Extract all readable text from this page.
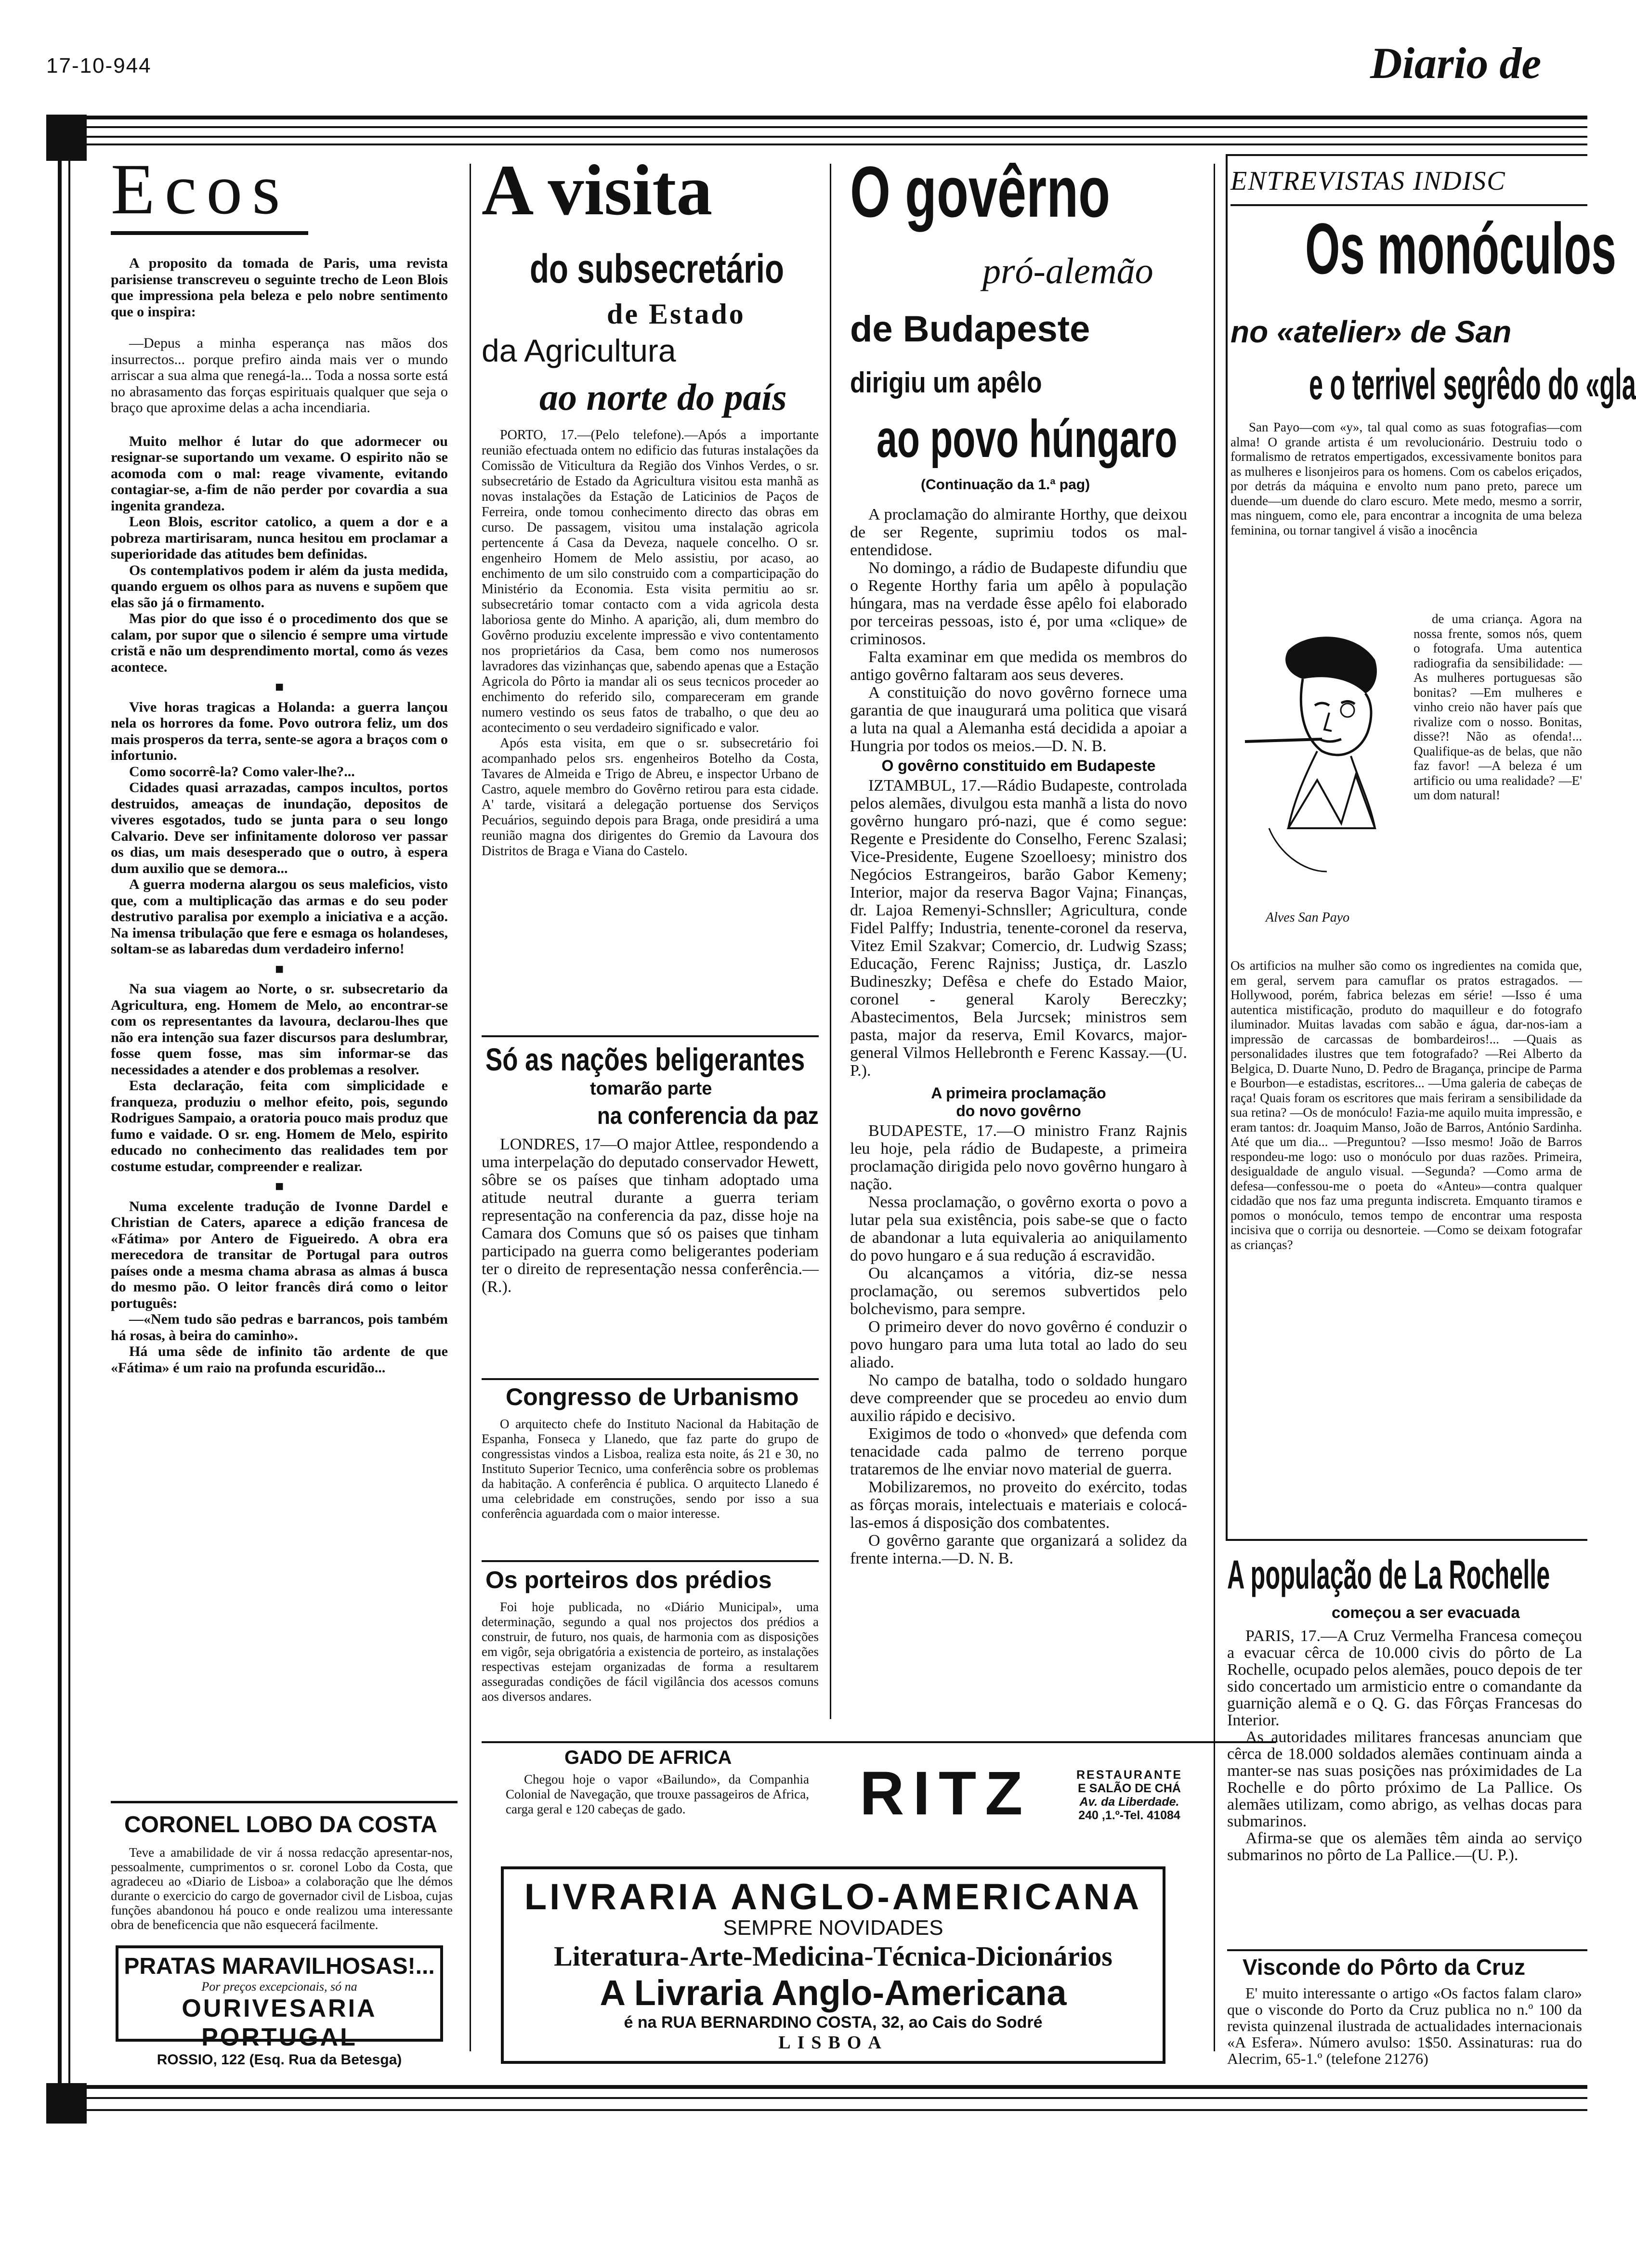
17-10-944	Diario de
Ecos

A proposito da tomada de Paris, uma revista parisiense transcreveu o seguinte trecho de Leon Blois que impressiona pela beleza e pelo nobre sentimento que o inspira:

—Depus a minha esperança nas mãos dos insurrectos... porque prefiro ainda mais ver o mundo arriscar a sua alma que renegá-la... Toda a nossa sorte está no abrasamento das forças espirituais qualquer que seja o braço que aproxime delas a acha incendiaria.

Muito melhor é lutar do que adormecer ou resignar-se suportando um vexame. O espirito não se acomoda com o mal: reage vivamente, evitando contagiar-se, a-fim de não perder por covardia a sua ingenita grandeza.

Leon Blois, escritor catolico, a quem a dor e a pobreza martirisaram, nunca hesitou em proclamar a superioridade das atitudes bem definidas.

Os contemplativos podem ir além da justa medida, quando erguem os olhos para as nuvens e supõem que elas são já o firmamento.

Mas pior do que isso é o procedimento dos que se calam, por supor que o silencio é sempre uma virtude cristã e não um desprendimento mortal, como ás vezes acontece.

■

Vive horas tragicas a Holanda: a guerra lançou nela os horrores da fome. Povo outrora feliz, um dos mais prosperos da terra, sente-se agora a braços com o infortunio.

Como socorrê-la? Como valer-lhe?...

Cidades quasi arrazadas, campos incultos, portos destruidos, ameaças de inundação, depositos de viveres esgotados, tudo se junta para o seu longo Calvario. Deve ser infinitamente doloroso ver passar os dias, um mais desesperado que o outro, à espera dum auxilio que se demora...

A guerra moderna alargou os seus maleficios, visto que, com a multiplicação das armas e do seu poder destrutivo paralisa por exemplo a iniciativa e a acção. Na imensa tribulação que fere e esmaga os holandeses, soltam-se as labaredas dum verdadeiro inferno!

■

Na sua viagem ao Norte, o sr. subsecretario da Agricultura, eng. Homem de Melo, ao encontrar-se com os representantes da lavoura, declarou-lhes que não era intenção sua fazer discursos para deslumbrar, fosse quem fosse, mas sim informar-se das necessidades a atender e dos problemas a resolver.

Esta declaração, feita com simplicidade e franqueza, produziu o melhor efeito, pois, segundo Rodrigues Sampaio, a oratoria pouco mais produz que fumo e vaidade. O sr. eng. Homem de Melo, espirito educado no conhecimento das realidades tem por costume estudar, compreender e realizar.

■

Numa excelente tradução de Ivonne Dardel e Christian de Caters, aparece a edição francesa de «Fátima» por Antero de Figueiredo. A obra era merecedora de transitar de Portugal para outros países onde a mesma chama abrasa as almas á busca do mesmo pão. O leitor francês dirá como o leitor português:

—«Nem tudo são pedras e barrancos, pois também há rosas, à beira do caminho».

Há uma sêde de infinito tão ardente de que «Fátima» é um raio na profunda escuridão...

CORONEL LOBO DA COSTA
Teve a amabilidade de vir á nossa redacção apresentar-nos, pessoalmente, cumprimentos o sr. coronel Lobo da Costa, que agradeceu ao «Diario de Lisboa» a colaboração que lhe démos durante o exercicio do cargo de governador civil de Lisboa, cujas funções abandonou há pouco e onde realizou uma interessante obra de beneficencia que não esquecerá facilmente.
PRATAS MARAVILHOSAS!...
Por preços excepcionais, só na
OURIVESARIA PORTUGAL
ROSSIO, 122 (Esq. Rua da Betesga)
A visita
do subsecretário
de Estado
da Agricultura
ao norte do país

PORTO, 17.—(Pelo telefone).—Após a importante reunião efectuada ontem no edificio das futuras instalações da Comissão de Viticultura da Região dos Vinhos Verdes, o sr. subsecretário de Estado da Agricultura visitou esta manhã as novas instalações da Estação de Laticinios de Paços de Ferreira, onde tomou conhecimento directo das obras em curso. De passagem, visitou uma instalação agricola pertencente á Casa da Deveza, naquele concelho. O sr. engenheiro Homem de Melo assistiu, por acaso, ao enchimento de um silo construido com a comparticipação do Ministério da Economia. Esta visita permitiu ao sr. subsecretário tomar contacto com a vida agricola desta laboriosa gente do Minho. A aparição, ali, dum membro do Govêrno produziu excelente impressão e vivo contentamento nos proprietários da Casa, bem como nos numerosos lavradores das vizinhanças que, sabendo apenas que a Estação Agricola do Pôrto ia mandar ali os seus tecnicos proceder ao enchimento do referido silo, compareceram em grande numero vestindo os seus fatos de trabalho, o que deu ao acontecimento o seu verdadeiro significado e valor.

Após esta visita, em que o sr. subsecretário foi acompanhado pelos srs. engenheiros Botelho da Costa, Tavares de Almeida e Trigo de Abreu, e inspector Urbano de Castro, aquele membro do Govêrno retirou para esta cidade. A' tarde, visitará a delegação portuense dos Serviços Pecuários, seguindo depois para Braga, onde presidirá a uma reunião magna dos dirigentes do Gremio da Lavoura dos Distritos de Braga e Viana do Castelo.

Só as nações beligerantes
tomarão parte
na conferencia da paz
LONDRES, 17—O major Attlee, respondendo a uma interpelação do deputado conservador Hewett, sôbre se os países que tinham adoptado uma atitude neutral durante a guerra teriam representação na conferencia da paz, disse hoje na Camara dos Comuns que só os paises que tinham participado na guerra como beligerantes poderiam ter o direito de representação nessa conferência.—(R.).
Congresso de Urbanismo
O arquitecto chefe do Instituto Nacional da Habitação de Espanha, Fonseca y Llanedo, que faz parte do grupo de congressistas vindos a Lisboa, realiza esta noite, ás 21 e 30, no Instituto Superior Tecnico, uma conferência sobre os problemas da habitação. A conferência é publica. O arquitecto Llanedo é uma celebridade em construções, sendo por isso a sua conferência aguardada com o maior interesse.
Os porteiros dos prédios
Foi hoje publicada, no «Diário Municipal», uma determinação, segundo a qual nos projectos dos prédios a construir, de futuro, nos quais, de harmonia com as disposições em vigôr, seja obrigatória a existencia de porteiro, as instalações respectivas estejam organizadas de forma a resultarem asseguradas condições de fácil vigilância dos acessos comuns aos diversos andares.
GADO DE AFRICA
Chegou hoje o vapor «Bailundo», da Companhia Colonial de Navegação, que trouxe passageiros de Africa, carga geral e 120 cabeças de gado.
O govêrno
pró-alemão
de Budapeste
dirigiu um apêlo
ao povo húngaro
(Continuação da 1.ª pag)

A proclamação do almirante Horthy, que deixou de ser Regente, suprimiu todos os mal-entendidose.

No domingo, a rádio de Budapeste difundiu que o Regente Horthy faria um apêlo à população húngara, mas na verdade êsse apêlo foi elaborado por terceiras pessoas, isto é, por uma «clique» de criminosos.

Falta examinar em que medida os membros do antigo govêrno faltaram aos seus deveres.

A constituição do novo govêrno fornece uma garantia de que inaugurará uma politica que visará a luta na qual a Alemanha está decidida a apoiar a Hungria por todos os meios.—D. N. B.

O govêrno constituido em Budapeste

IZTAMBUL, 17.—Rádio Budapeste, controlada pelos alemães, divulgou esta manhã a lista do novo govêrno hungaro pró-nazi, que é como segue: Regente e Presidente do Conselho, Ferenc Szalasi; Vice-Presidente, Eugene Szoelloesy; ministro dos Negócios Estrangeiros, barão Gabor Kemeny; Interior, major da reserva Bagor Vajna; Finanças, dr. Lajoa Remenyi-Schnsller; Agricultura, conde Fidel Palffy; Industria, tenente-coronel da reserva, Vitez Emil Szakvar; Comercio, dr. Ludwig Szass; Educação, Ferenc Rajniss; Justiça, dr. Laszlo Budineszky; Defêsa e chefe do Estado Maior, coronel - general Karoly Bereczky; Abastecimentos, Bela Jurcsek; ministros sem pasta, major da reserva, Emil Kovarcs, major-general Vilmos Hellebronth e Ferenc Kassay.—(U. P.).

A primeira proclamação
do novo govêrno

BUDAPESTE, 17.—O ministro Franz Rajnis leu hoje, pela rádio de Budapeste, a primeira proclamação dirigida pelo novo govêrno hungaro à nação.

Nessa proclamação, o govêrno exorta o povo a lutar pela sua existência, pois sabe-se que o facto de abandonar a luta equivaleria ao aniquilamento do povo hungaro e á sua redução á escravidão.

Ou alcançamos a vitória, diz-se nessa proclamação, ou seremos subvertidos pelo bolchevismo, para sempre.

O primeiro dever do novo govêrno é conduzir o povo hungaro para uma luta total ao lado do seu aliado.

No campo de batalha, todo o soldado hungaro deve compreender que se procedeu ao envio dum auxilio rápido e decisivo.

Exigimos de todo o «honved» que defenda com tenacidade cada palmo de terreno porque trataremos de lhe enviar novo material de guerra.

Mobilizaremos, no proveito do exército, todas as fôrças morais, intelectuais e materiais e colocá-las-emos á disposição dos combatentes.

O govêrno garante que organizará a solidez da frente interna.—D. N. B.

RITZ	RESTAURANTE
E SALÃO DE CHÁ
Av. da Liberdade.
240 ,1.º-Tel. 41084
LIVRARIA ANGLO-AMERICANA
SEMPRE NOVIDADES
Literatura-Arte-Medicina-Técnica-Dicionários
A Livraria Anglo-Americana
é na RUA BERNARDINO COSTA, 32, ao Cais do Sodré
LISBOA
ENTREVISTAS INDISC
Os monóculos
no «atelier» de San
e o terrivel segrêdo do «gla
San Payo—com «y», tal qual como as suas fotografias—com alma! O grande artista é um revolucionário. Destruiu todo o formalismo de retratos empertigados, excessivamente bonitos para as mulheres e lisonjeiros para os homens. Com os cabelos eriçados, por detrás da máquina e envolto num pano preto, parece um duende—um duende do claro escuro. Mete medo, mesmo a sorrir, mas ninguem, como ele, para encontrar a incognita de uma beleza feminina, ou tornar tangivel á visão a inocência
Alves San Payo
de uma criança. Agora na nossa frente, somos nós, quem o fotografa. Uma autentica radiografia da sensibilidade: —As mulheres portuguesas são bonitas? —Em mulheres e vinho creio não haver país que rivalize com o nosso. Bonitas, disse?! Não as ofenda!... Qualifique-as de belas, que não faz favor! —A beleza é um artificio ou uma realidade? —E' um dom natural!
Os artificios na mulher são como os ingredientes na comida que, em geral, servem para camuflar os pratos estragados. —Hollywood, porém, fabrica belezas em série! —Isso é uma autentica mistificação, produto do maquilleur e do fotografo iluminador. Muitas lavadas com sabão e água, dar-nos-iam a impressão de carcassas de bombardeiros!... —Quais as personalidades ilustres que tem fotografado? —Rei Alberto da Belgica, D. Duarte Nuno, D. Pedro de Bragança, principe de Parma e Bourbon—e estadistas, escritores... —Uma galeria de cabeças de raça! Quais foram os escritores que mais feriram a sensibilidade da sua retina? —Os de monóculo! Fazia-me aquilo muita impressão, e eram tantos: dr. Joaquim Manso, João de Barros, António Sardinha. Até que um dia... —Preguntou? —Isso mesmo! João de Barros respondeu-me logo: uso o monóculo por duas razões. Primeira, desigualdade de angulo visual. —Segunda? —Como arma de defesa—confessou-me o poeta do «Anteu»—contra qualquer cidadão que nos faz uma pregunta indiscreta. Emquanto tiramos e pomos o monóculo, temos tempo de encontrar uma resposta incisiva que o corrija ou desnorteie. —Como se deixam fotografar as crianças?
A população de La Rochelle
começou a ser evacuada

PARIS, 17.—A Cruz Vermelha Francesa começou a evacuar cêrca de 10.000 civis do pôrto de La Rochelle, ocupado pelos alemães, pouco depois de ter sido concertado um armisticio entre o comandante da guarnição alemã e o Q. G. das Fôrças Francesas do Interior.

As autoridades militares francesas anunciam que cêrca de 18.000 soldados alemães continuam ainda a manter-se nas suas posições nas próximidades de La Rochelle e do pôrto próximo de La Pallice. Os alemães utilizam, como abrigo, as velhas docas para submarinos.

Afirma-se que os alemães têm ainda ao serviço submarinos no pôrto de La Pallice.—(U. P.).

Visconde do Pôrto da Cruz
E' muito interessante o artigo «Os factos falam claro» que o visconde do Porto da Cruz publica no n.º 100 da revista quinzenal ilustrada de actualidades internacionais «A Esfera». Número avulso: 1$50. Assinaturas: rua do Alecrim, 65-1.º (telefone 21276)
